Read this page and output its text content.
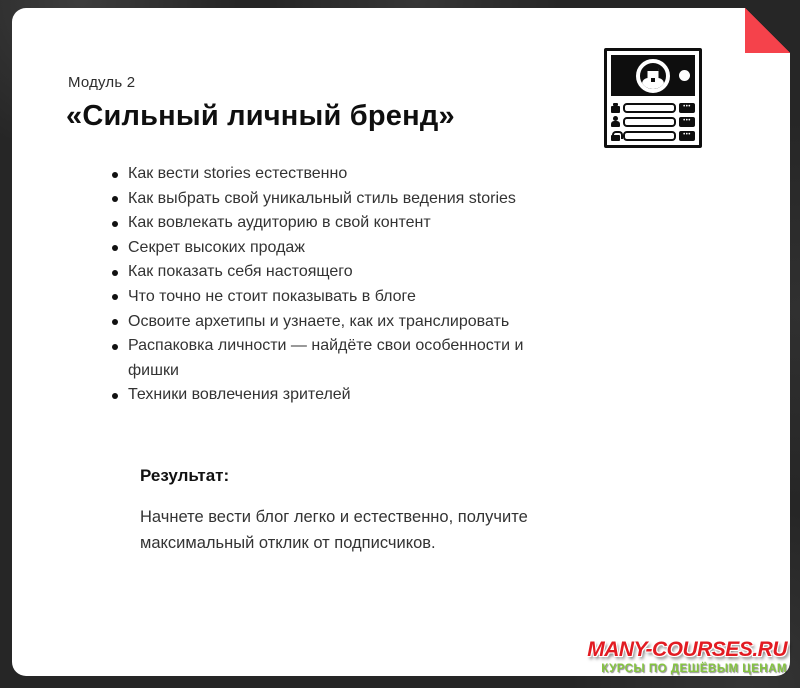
Модуль 2
«Сильный личный бренд»
Как вести stories естественно
Как выбрать свой уникальный стиль ведения stories
Как вовлекать аудиторию в свой контент
Секрет высоких продаж
Как показать себя настоящего
Что точно не стоит показывать в блоге
Освоите архетипы и узнаете, как их транслировать
Распаковка личности — найдёте свои особенности и фишки
Техники вовлечения зрителей
Результат:
Начнете вести блог легко и естественно, получите максимальный отклик от подписчиков.
•••
•••
•••
MANY-COURSES.RU
КУРСЫ ПО ДЕШЁВЫМ ЦЕНАМ
